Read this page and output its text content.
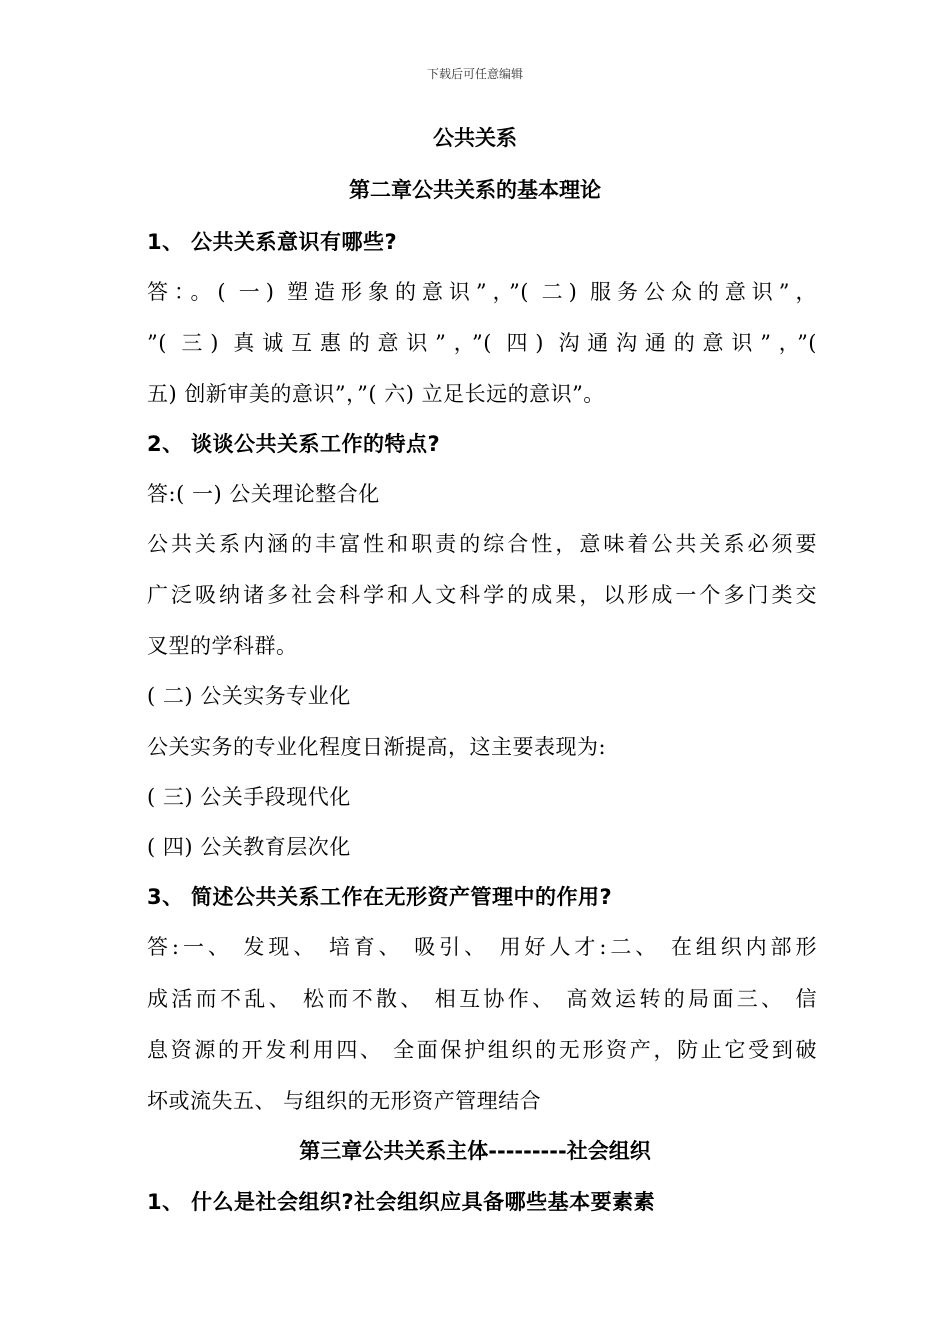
下载后可任意编辑
公共关系
第二章公共关系的基本理论
1、 公共关系意识有哪些?
答：。( 一) 塑造形象的意识”，”( 二) 服务公众的意识”，
”( 三) 真诚互惠的意识”，”( 四) 沟通沟通的意识”，”(
五) 创新审美的意识”，”( 六) 立足长远的意识”。
2、 谈谈公共关系工作的特点?
答:( 一) 公关理论整合化
公共关系内涵的丰富性和职责的综合性，意味着公共关系必须要
广泛吸纳诸多社会科学和人文科学的成果，以形成一个多门类交
叉型的学科群。
( 二) 公关实务专业化
公关实务的专业化程度日渐提高，这主要表现为:
( 三) 公关手段现代化
( 四) 公关教育层次化
3、 简述公共关系工作在无形资产管理中的作用?
答:一、 发现、 培育、 吸引、 用好人才:二、 在组织内部形
成活而不乱、 松而不散、 相互协作、 高效运转的局面三、 信
息资源的开发利用四、 全面保护组织的无形资产，防止它受到破
坏或流失五、 与组织的无形资产管理结合
第三章公共关系主体---------社会组织
1、 什么是社会组织?社会组织应具备哪些基本要素素
